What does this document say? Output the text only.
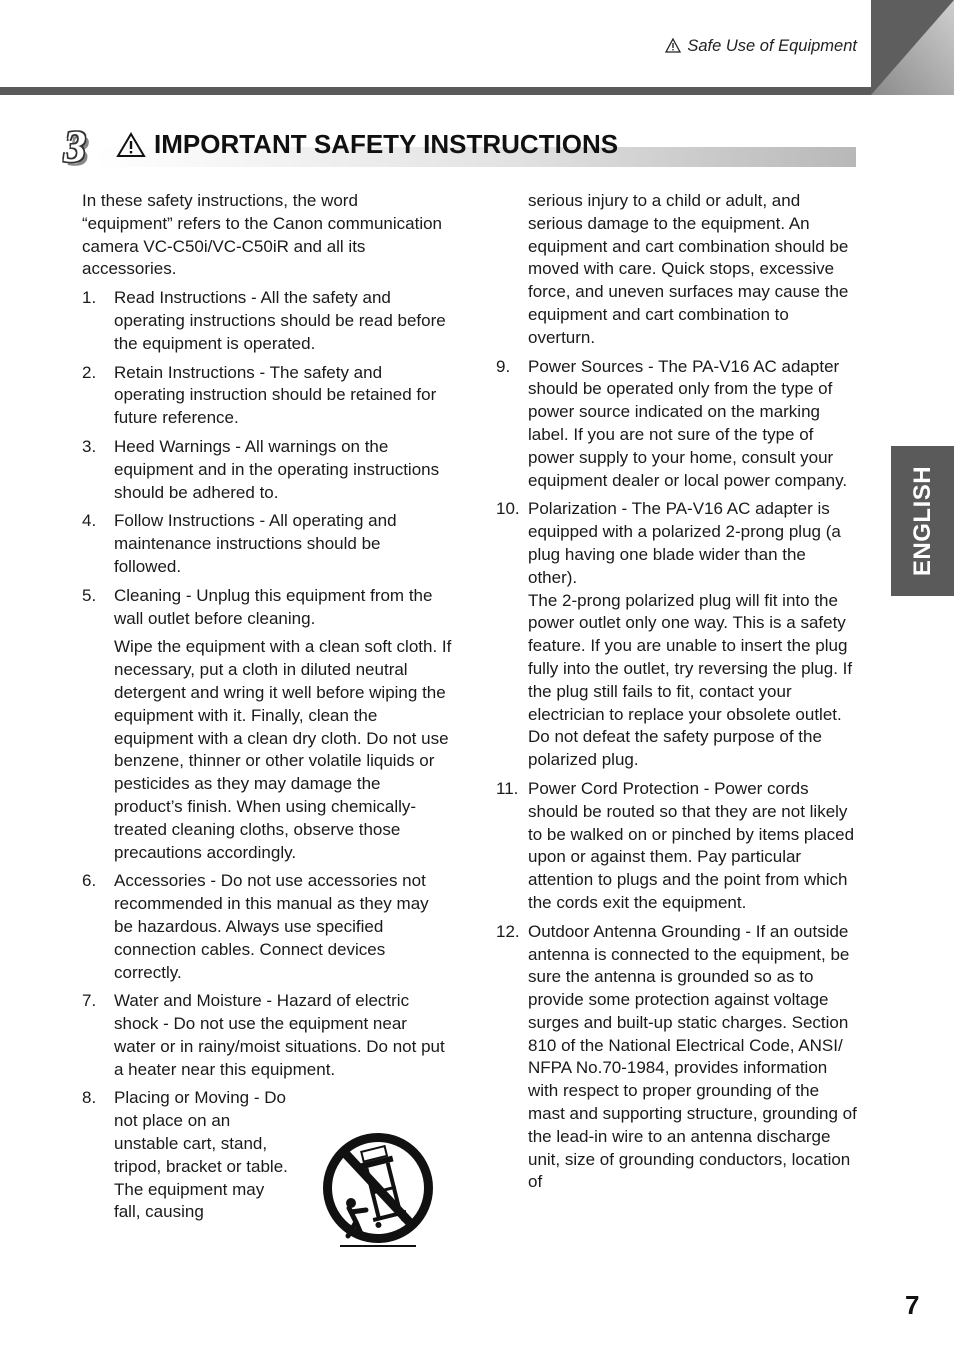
Safe Use of Equipment
3	IMPORTANT SAFETY INSTRUCTIONS

In these safety instructions, the word “equipment” refers to the Canon communication camera VC-C50i/VC-C50iR and all its accessories.

1.	Read Instructions - All the safety and operating instructions should be read before the equipment is operated.

2.	Retain Instructions - The safety and operating instruction should be retained for future reference.

3.	Heed Warnings - All warnings on the equipment and in the operating instructions should be adhered to.

4.	Follow Instructions - All operating and maintenance instructions should be followed.

5.	Cleaning - Unplug this equipment from the wall outlet before cleaning.

Wipe the equipment with a clean soft cloth. If necessary, put a cloth in diluted neutral detergent and wring it well before wiping the equipment with it. Finally, clean the equipment with a clean dry cloth. Do not use benzene, thinner or other volatile liquids or pesticides as they may damage the product’s finish. When using chemically-treated cleaning cloths, observe those precautions accordingly.

6.	Accessories - Do not use accessories not recommended in this manual as they may be hazardous. Always use specified connection cables. Connect devices correctly.

7.	Water and Moisture - Hazard of electric shock - Do not use the equipment near water or in rainy/moist situations. Do not put a heater near this equipment.

8.	Placing or Moving - Do not place on an unstable cart, stand, tripod, bracket or table. The equipment may fall, causing

serious injury to a child or adult, and serious damage to the equipment. An equipment and cart combination should be moved with care. Quick stops, excessive force, and uneven surfaces may cause the equipment and cart combination to overturn.

9.	Power Sources - The PA-V16 AC adapter should be operated only from the type of power source indicated on the marking label. If you are not sure of the type of power supply to your home, consult your equipment dealer or local power company.

10. Polarization - The PA-V16 AC adapter is equipped with a polarized 2-prong plug (a plug having one blade wider than the other).

The 2-prong polarized plug will fit into the power outlet only one way. This is a safety feature. If you are unable to insert the plug fully into the outlet, try reversing the plug. If the plug still fails to fit, contact your electrician to replace your obsolete outlet. Do not defeat the safety purpose of the polarized plug.

11. Power Cord Protection - Power cords should be routed so that they are not likely to be walked on or pinched by items placed upon or against them. Pay particular attention to plugs and the point from which the cords exit the equipment.

12. Outdoor Antenna Grounding - If an outside antenna is connected to the equipment, be sure the antenna is grounded so as to provide some protection against voltage surges and built-up static charges. Section 810 of the National Electrical Code, ANSI/ NFPA No.70-1984, provides information with respect to proper grounding of the mast and supporting structure, grounding of the lead-in wire to an antenna discharge unit, size of grounding conductors, location of

ENGLISH
7
